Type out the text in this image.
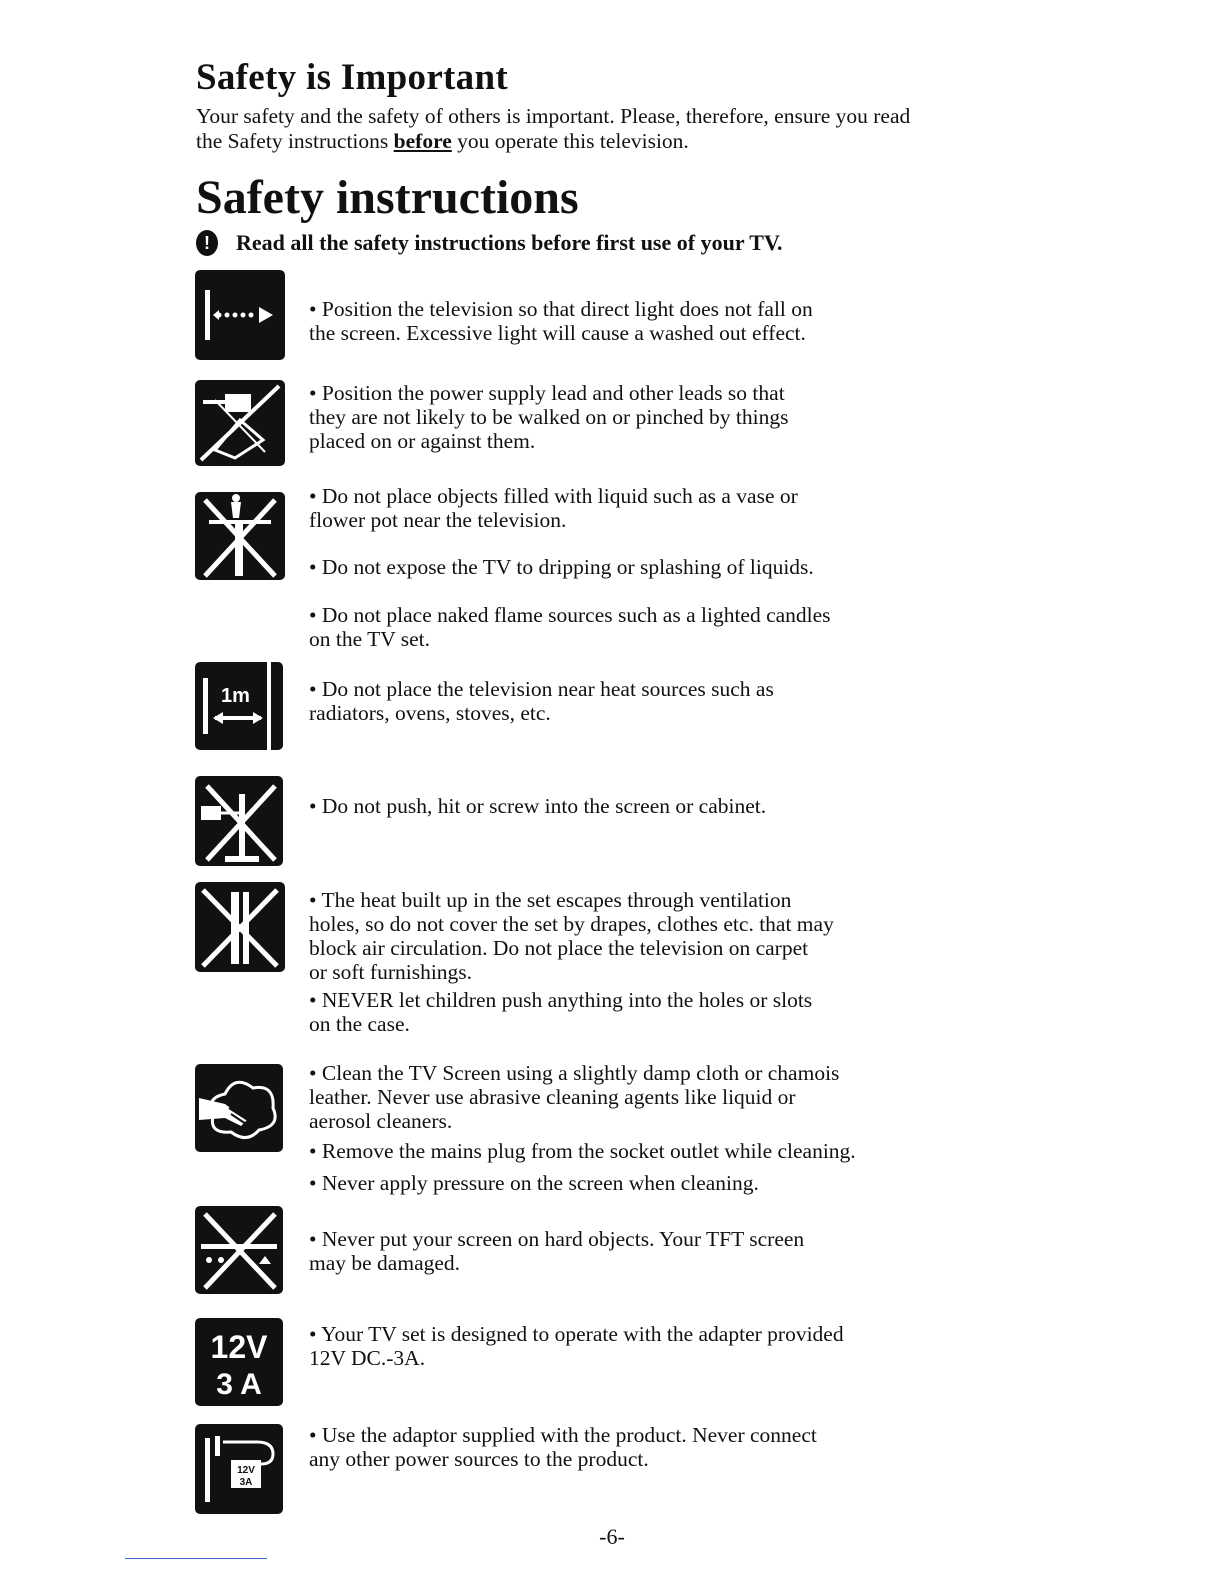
Safety is Important

Your safety and the safety of others is important. Please, therefore, ensure you read
the Safety instructions before you operate this television.

Safety instructions
!	Read all the safety instructions before first use of your TV.

• Position the television so that direct light does not fall on
the screen. Excessive light will cause a washed out effect.

• Position the power supply lead and other leads so that
they are not likely to be walked on or pinched by things
placed on or against them.

• Do not place objects filled with liquid such as a vase or
flower pot near the television.

• Do not expose the TV to dripping or splashing of liquids.

• Do not place naked flame sources such as a lighted candles
on the TV set.

1m	• Do not place the television near heat sources such as
radiators, ovens, stoves, etc.

• Do not push, hit or screw into the screen or cabinet.

• The heat built up in the set escapes through ventilation
holes, so do not cover the set by drapes, clothes etc. that may
block air circulation. Do not place the television on carpet
or soft furnishings.

• NEVER let children push anything into the holes or slots
on the case.

• Clean the TV Screen using a slightly damp cloth or chamois
leather. Never use abrasive cleaning agents like liquid or
aerosol cleaners.

• Remove the mains plug from the socket outlet while cleaning.

• Never apply pressure on the screen when cleaning.

• Never put your screen on hard objects. Your TFT screen
may be damaged.

12V
3 A

• Your TV set is designed to operate with the adapter provided
12V DC.-3A.

12V
3A

• Use the adaptor supplied with the product. Never connect
any other power sources to the product.

-6-
